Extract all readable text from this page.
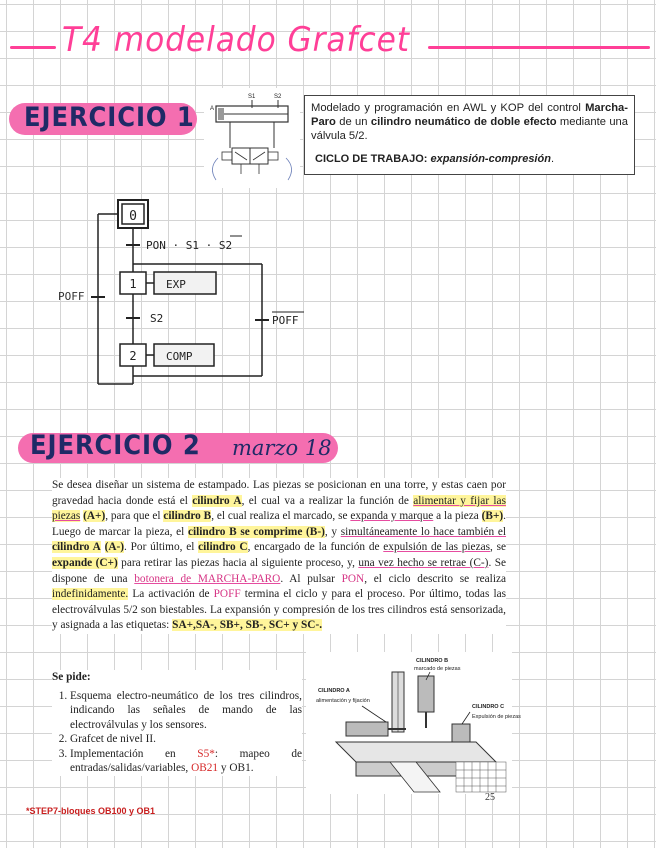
T4 modelado Grafcet
EJERCICIO 1
S1	S2
A	Modelado y programación en AWL y KOP del control Marcha-Paro de un cilindro neumático de doble efecto mediante una válvula 5/2.

CICLO DE TRABAJO: expansión-compresión.

0
PON · S1 · S2
1	EXP
S2
2	COMP
POFF
POFF
EJERCICIO 2 marzo 18
Se desea diseñar un sistema de estampado. Las piezas se posicionan en una torre, y estas caen por gravedad hacia donde está el cilindro A, el cual va a realizar la función de alimentar y fijar las piezas (A+), para que el cilindro B, el cual realiza el marcado, se expanda y marque a la pieza (B+). Luego de marcar la pieza, el cilindro B se comprime (B-), y simultáneamente lo hace también el cilindro A (A-). Por último, el cilindro C, encargado de la función de expulsión de las piezas, se expande (C+) para retirar las piezas hacia al siguiente proceso, y, una vez hecho se retrae (C-). Se dispone de una botonera de MARCHA-PARO. Al pulsar PON, el ciclo descrito se realiza indefinidamente. La activación de POFF termina el ciclo y para el proceso. Por último, todas las electroválvulas 5/2 son biestables. La expansión y compresión de los tres cilindros está sensorizada, y asignada a las etiquetas: SA+,SA-, SB+, SB-, SC+ y SC-.
Se pide:
1. Esquema electro-neumático de los tres cilindros, indicando las señales de mando de las electroválvulas y los sensores.
2. Grafcet de nivel II.
3. Implementación en S5*: mapeo de entradas/salidas/variables, OB21 y OB1.
CILINDRO B
marcado de piezas
CILINDRO A
alimentación y fijación
CILINDRO C
Expulsión de piezas
25
*STEP7-bloques OB100 y OB1
